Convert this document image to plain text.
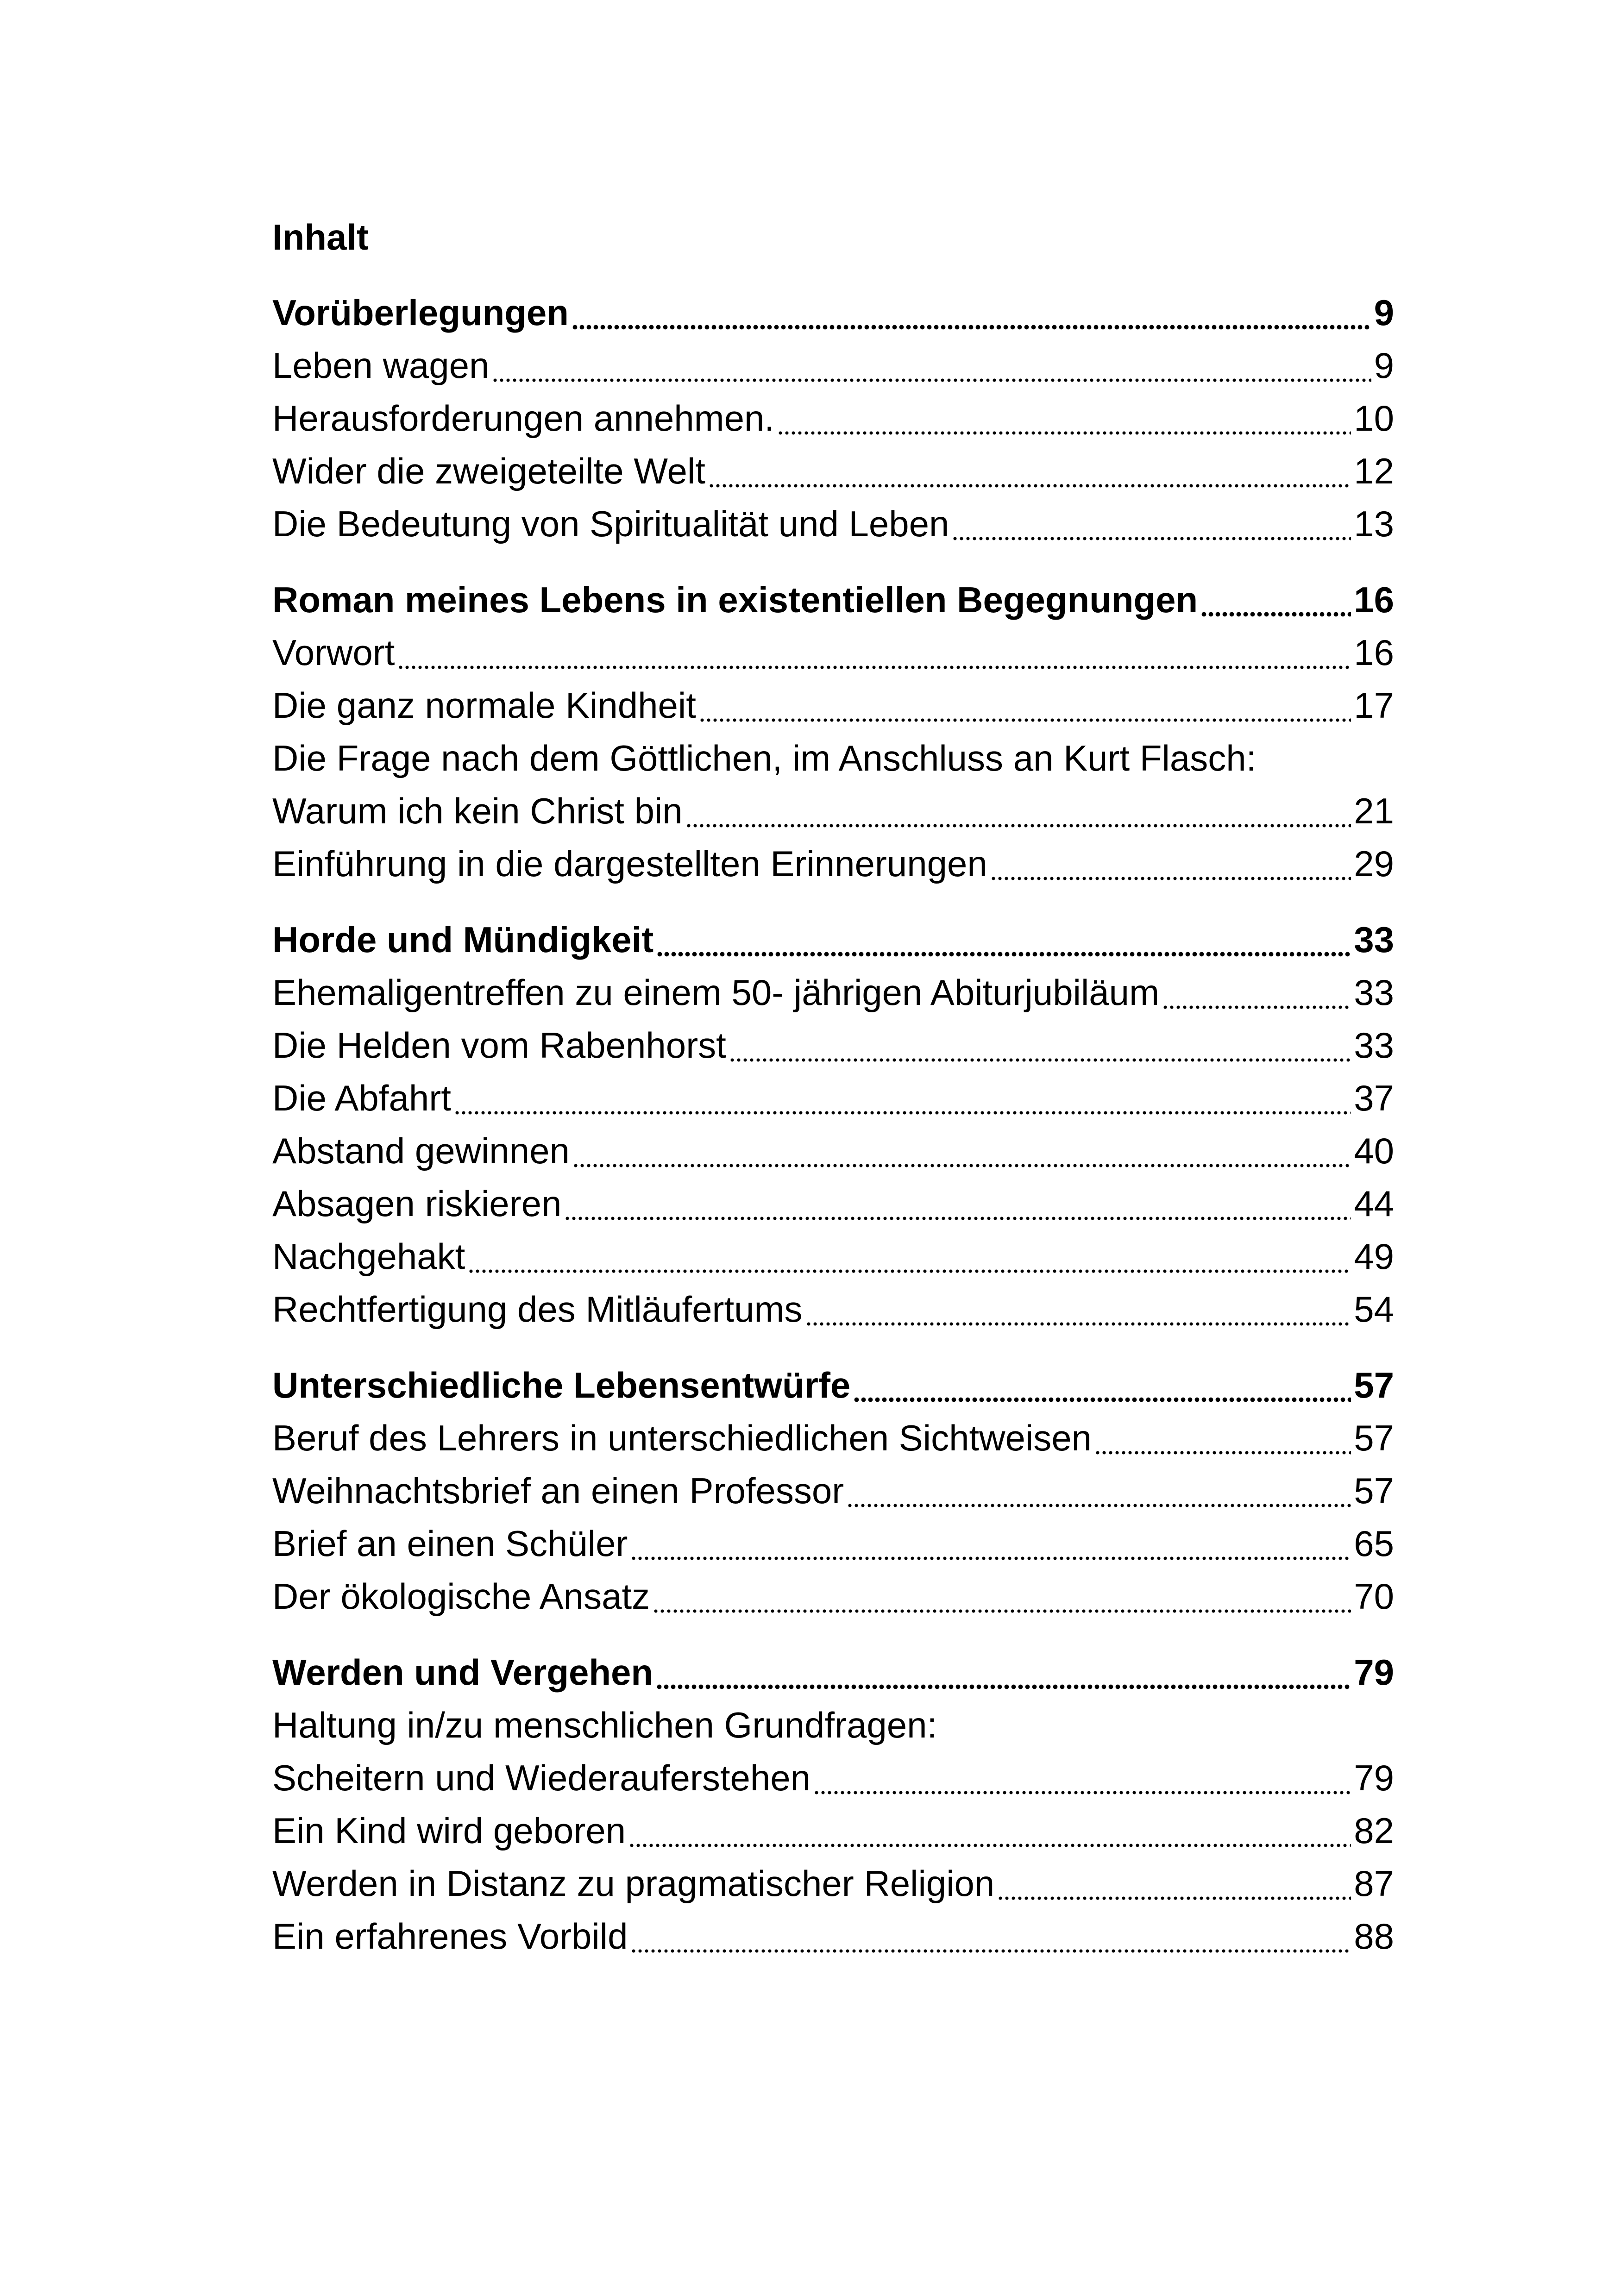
Inhalt
Vorüberlegungen	9
Leben wagen	9
Herausforderungen annehmen.	10
Wider die zweigeteilte Welt	12
Die Bedeutung von Spiritualität und Leben	13
Roman meines Lebens in existentiellen Begegnungen	16
Vorwort	16
Die ganz normale Kindheit	17
Die Frage nach dem Göttlichen, im Anschluss an Kurt Flasch:
Warum ich kein Christ bin	21
Einführung in die dargestellten Erinnerungen	29
Horde und Mündigkeit	33
Ehemaligentreffen zu einem 50- jährigen Abiturjubiläum	33
Die Helden vom Rabenhorst	33
Die Abfahrt	37
Abstand gewinnen	40
Absagen riskieren	44
Nachgehakt	49
Rechtfertigung des Mitläufertums	54
Unterschiedliche Lebensentwürfe	57
Beruf des Lehrers in unterschiedlichen Sichtweisen	57
Weihnachtsbrief an einen Professor	57
Brief an einen Schüler	65
Der ökologische Ansatz	70
Werden und Vergehen	79
Haltung in/zu menschlichen Grundfragen:
Scheitern und Wiederauferstehen	79
Ein Kind wird geboren	82
Werden in Distanz zu pragmatischer Religion	87
Ein erfahrenes Vorbild	88
